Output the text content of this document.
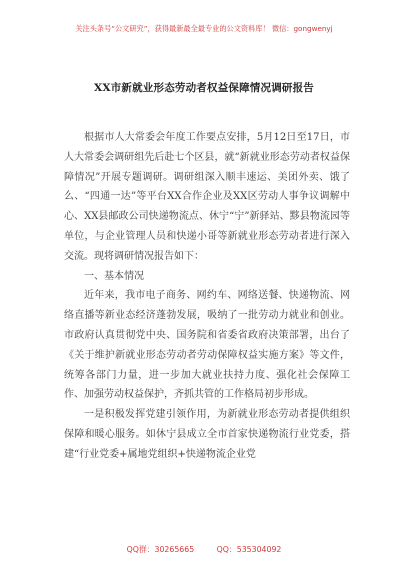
关注头条号“公文研究”，获得最新最全最专业的公文资料库！ 微信：gongwenyj
XX市新就业形态劳动者权益保障情况调研报告

根据市人大常委会年度工作要点安排，5月12日至17日，市人大常委会调研组先后赴七个区县，就“新就业形态劳动者权益保障情况”开展专题调研。调研组深入顺丰速运、美团外卖、饿了么、“四通一达”等平台XX合作企业及XX区劳动人事争议调解中心、XX县邮政公司快递物流点、休宁“宁”新驿站、黟县物流园等单位，与企业管理人员和快递小哥等新就业形态劳动者进行深入交流。现将调研情况报告如下：

一、基本情况

近年来，我市电子商务、网约车、网络送餐、快递物流、网络直播等新业态经济蓬勃发展，吸纳了一批劳动力就业和创业。市政府认真贯彻党中央、国务院和省委省政府决策部署，出台了《关于维护新就业形态劳动者劳动保障权益实施方案》等文件，统筹各部门力量，进一步加大就业扶持力度、强化社会保障工作、加强劳动权益保护，齐抓共管的工作格局初步形成。

一是积极发挥党建引领作用，为新就业形态劳动者提供组织保障和暖心服务。如休宁县成立全市首家快递物流行业党委，搭建“行业党委+属地党组织+快递物流企业党

QQ群：30265665	QQ：535304092
